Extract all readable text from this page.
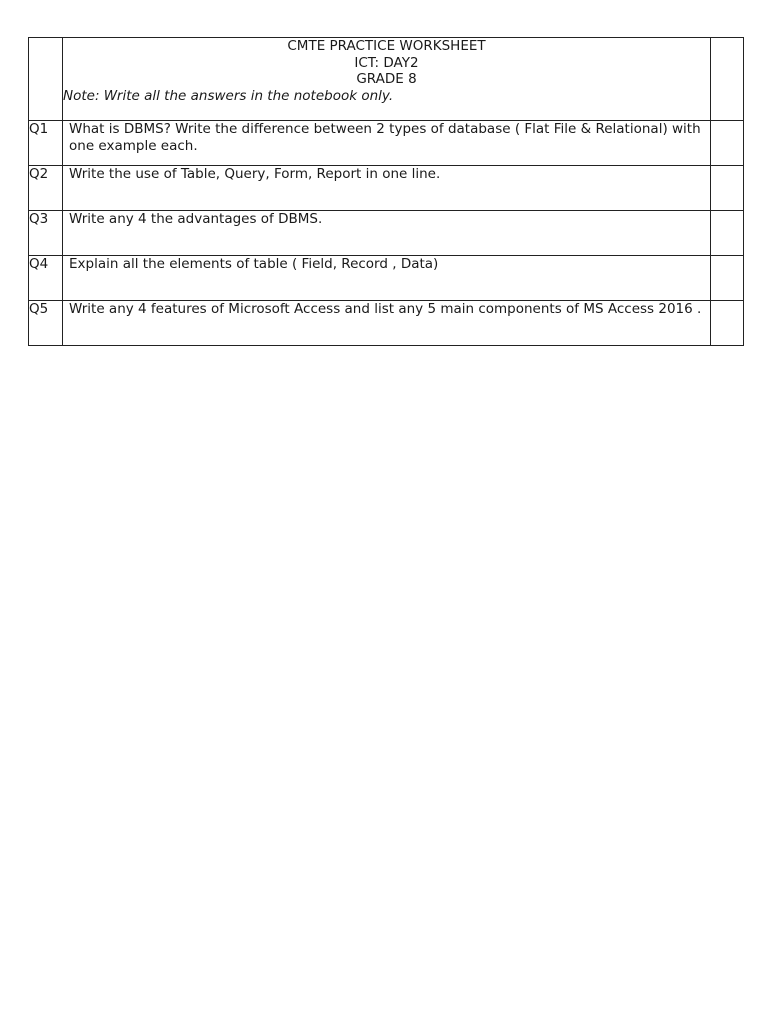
	CMTE PRACTICE WORKSHEET
ICT: DAY2
GRADE 8
Note: Write all the answers in the notebook only.	

Q1	What is DBMS? Write the difference between 2 types of database ( Flat File & Relational) with one example each.	

Q2	Write the use of Table, Query, Form, Report in one line.	

Q3	Write any 4 the advantages of DBMS.	

Q4	Explain all the elements of table ( Field, Record , Data)	

Q5	Write any 4 features of Microsoft Access and list any 5 main components of MS Access 2016 .	
